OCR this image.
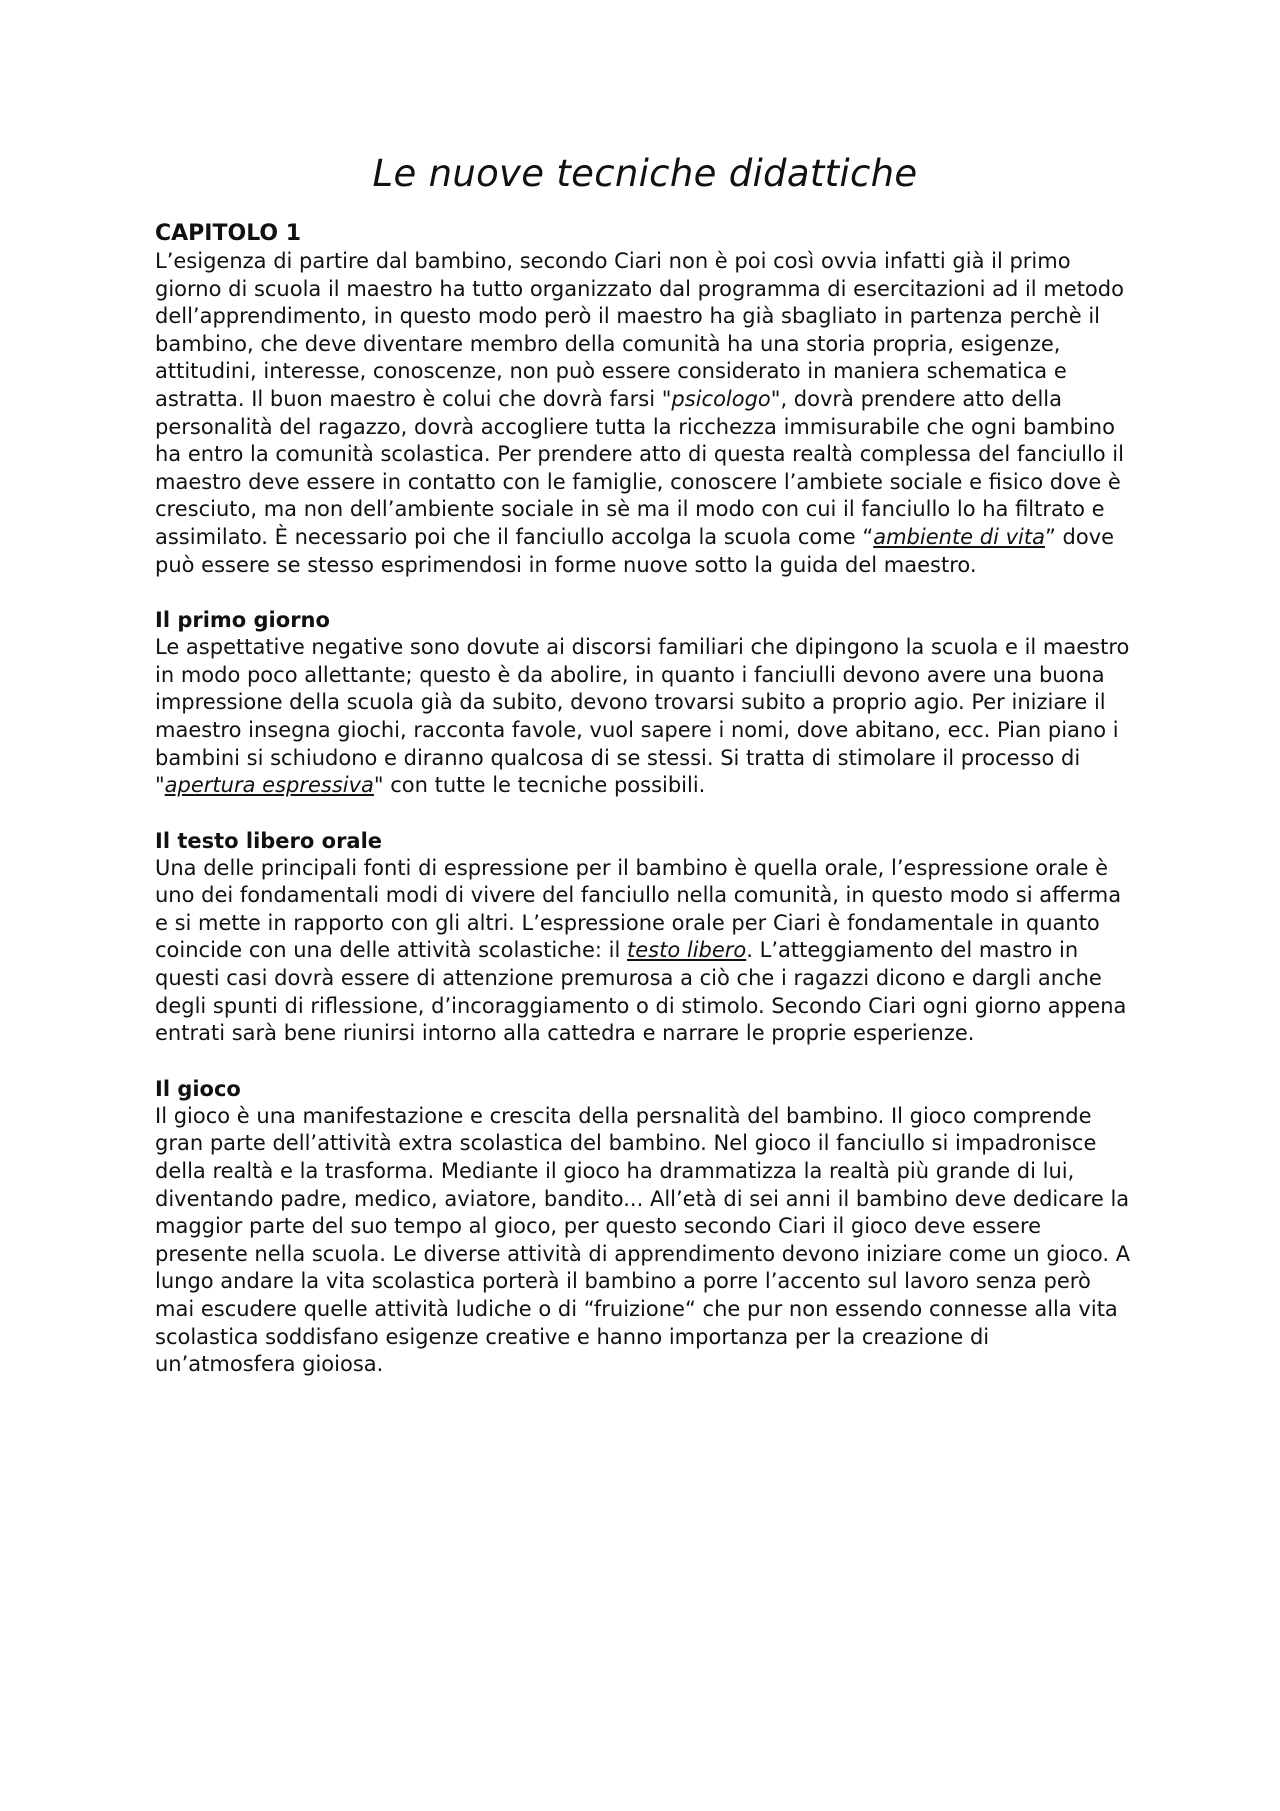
Le nuove tecniche didattiche
CAPITOLO 1

L’esigenza di partire dal bambino, secondo Ciari non è poi così ovvia infatti già il primo giorno di scuola il maestro ha tutto organizzato dal programma di esercitazioni ad il metodo dell’apprendimento, in questo modo però il maestro ha già sbagliato in partenza perchè il bambino, che deve diventare membro della comunità ha una storia propria, esigenze, attitudini, interesse, conoscenze, non può essere considerato in maniera schematica e astratta. Il buon maestro è colui che dovrà farsi "psicologo", dovrà prendere atto della personalità del ragazzo, dovrà accogliere tutta la ricchezza immisurabile che ogni bambino ha entro la comunità scolastica. Per prendere atto di questa realtà complessa del fanciullo il maestro deve essere in contatto con le famiglie, conoscere l’ambiete sociale e fisico dove è cresciuto, ma non dell’ambiente sociale in sè ma il modo con cui il fanciullo lo ha filtrato e assimilato. È necessario poi che il fanciullo accolga la scuola come “ambiente di vita” dove può essere se stesso esprimendosi in forme nuove sotto la guida del maestro.

Il primo giorno

Le aspettative negative sono dovute ai discorsi familiari che dipingono la scuola e il maestro in modo poco allettante; questo è da abolire, in quanto i fanciulli devono avere una buona impressione della scuola già da subito, devono trovarsi subito a proprio agio. Per iniziare il maestro insegna giochi, racconta favole, vuol sapere i nomi, dove abitano, ecc. Pian piano i bambini si schiudono e diranno qualcosa di se stessi. Si tratta di stimolare il processo di "apertura espressiva" con tutte le tecniche possibili.

Il testo libero orale

Una delle principali fonti di espressione per il bambino è quella orale, l’espressione orale è uno dei fondamentali modi di vivere del fanciullo nella comunità, in questo modo si afferma e si mette in rapporto con gli altri. L’espressione orale per Ciari è fondamentale in quanto coincide con una delle attività scolastiche: il testo libero. L’atteggiamento del mastro in questi casi dovrà essere di attenzione premurosa a ciò che i ragazzi dicono e dargli anche degli spunti di riflessione, d’incoraggiamento o di stimolo. Secondo Ciari ogni giorno appena entrati sarà bene riunirsi intorno alla cattedra e narrare le proprie esperienze.

Il gioco

Il gioco è una manifestazione e crescita della persnalità del bambino. Il gioco comprende gran parte dell’attività extra scolastica del bambino. Nel gioco il fanciullo si impadronisce della realtà e la trasforma. Mediante il gioco ha drammatizza la realtà più grande di lui, diventando padre, medico, aviatore, bandito... All’età di sei anni il bambino deve dedicare la maggior parte del suo tempo al gioco, per questo secondo Ciari il gioco deve essere presente nella scuola. Le diverse attività di apprendimento devono iniziare come un gioco. A lungo andare la vita scolastica porterà il bambino a porre l’accento sul lavoro senza però mai escudere quelle attività ludiche o di “fruizione“ che pur non essendo connesse alla vita scolastica soddisfano esigenze creative e hanno importanza per la creazione di un’atmosfera gioiosa.
